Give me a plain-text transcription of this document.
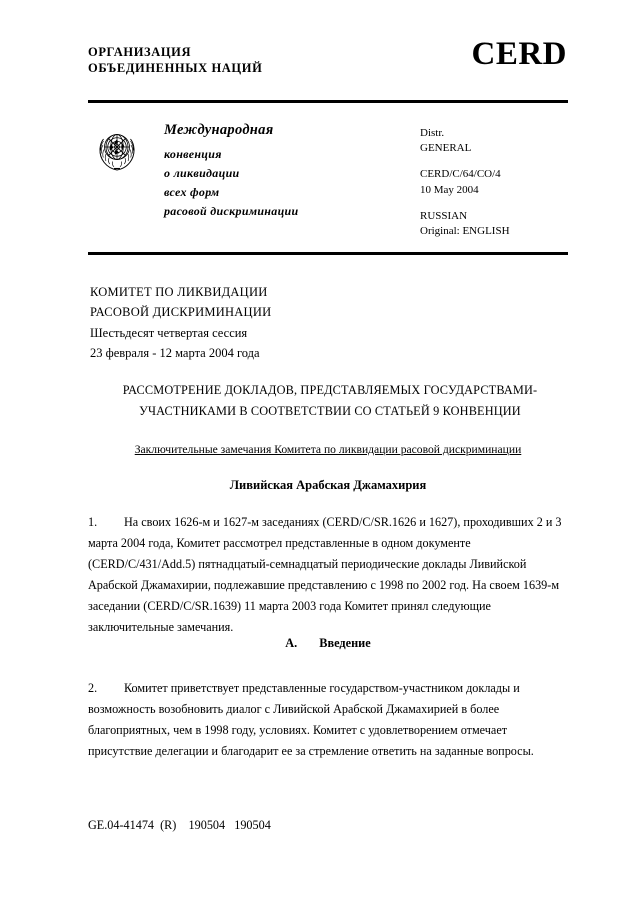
ОРГАНИЗАЦИЯ
ОБЪЕДИНЕННЫХ НАЦИЙ	CERD
Международная
конвенция
о ликвидации
всех форм
расовой дискриминации
Distr.
GENERAL
CERD/C/64/CO/4
10 May 2004
RUSSIAN
Original: ENGLISH
КОМИТЕТ ПО ЛИКВИДАЦИИ
РАСОВОЙ ДИСКРИМИНАЦИИ
Шестьдесят четвертая сессия
23 февраля - 12 марта 2004 года
РАССМОТРЕНИЕ ДОКЛАДОВ, ПРЕДСТАВЛЯЕМЫХ ГОСУДАРСТВАМИ-
УЧАСТНИКАМИ В СООТВЕТСТВИИ СО СТАТЬЕЙ 9 КОНВЕНЦИИ
Заключительные замечания Комитета по ликвидации расовой дискриминации
Ливийская Арабская Джамахирия
1. На своих 1626-м и 1627-м заседаниях (CERD/C/SR.1626 и 1627), проходивших 2 и 3 марта 2004 года, Комитет рассмотрел представленные в одном документе (CERD/C/431/Add.5) пятнадцатый-семнадцатый периодические доклады Ливийской Арабской Джамахирии, подлежавшие представлению с 1998 по 2002 год. На своем 1639-м заседании (CERD/C/SR.1639) 11 марта 2003 года Комитет принял следующие заключительные замечания.
A. Введение
2. Комитет приветствует представленные государством-участником доклады и возможность возобновить диалог с Ливийской Арабской Джамахирией в более благоприятных, чем в 1998 году, условиях. Комитет с удовлетворением отмечает присутствие делегации и благодарит ее за стремление ответить на заданные вопросы.
GE.04-41474  (R)    190504   190504
